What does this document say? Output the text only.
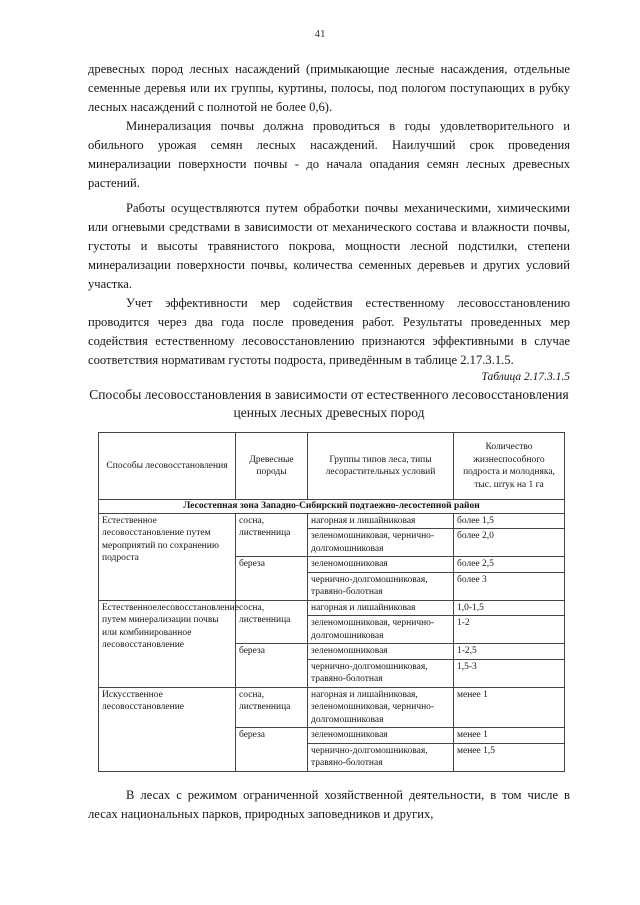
41

древесных пород лесных насаждений (примыкающие лесные насаждения, отдельные семенные деревья или их группы, куртины, полосы, под пологом поступающих в рубку лесных насаждений с полнотой не более 0,6).

Минерализация почвы должна проводиться в годы удовлетворительного и обильного урожая семян лесных насаждений. Наилучший срок проведения минерализации поверхности почвы - до начала опадания семян лесных древесных растений.

Работы осуществляются путем обработки почвы механическими, химическими или огневыми средствами в зависимости от механического состава и влажности почвы, густоты и высоты травянистого покрова, мощности лесной подстилки, степени минерализации поверхности почвы, количества семенных деревьев и других условий участка.

Учет эффективности мер содействия естественному лесовосстановлению проводится через два года после проведения работ. Результаты проведенных мер содействия естественному лесовосстановлению признаются эффективными в случае соответствия нормативам густоты подроста, приведённым в таблице 2.17.3.1.5.

Таблица 2.17.3.1.5
Способы лесовосстановления в зависимости от естественного лесовосстановления ценных лесных древесных пород
Способы лесовосстановления	Древесные породы	Группы типов леса, типы лесорастительных условий	Количество жизнеспособного подроста и молодняка, тыс. штук на 1 га
Лесостепная зона Западно-Сибирский подтаежно-лесостепной район			
Естественное лесовосстановление путем мероприятий по сохранению подроста	сосна, лиственница	нагорная и лишайниковая	более 1,5
		зеленомошниковая, чернично-долгомошниковая	более 2,0
	береза	зеленомошниковая	более 2,5
		чернично-долгомошниковая, травяно-болотная	более 3
Естественноелесовосстановление путем минерализации почвы или комбинированное лесовосстановление	сосна, лиственница	нагорная и лишайниковая	1,0-1,5
		зеленомошниковая, чернично-долгомошниковая	1-2
	береза	зеленомошниковая	1-2,5
		чернично-долгомошниковая, травяно-болотная	1,5-3
Искусственное лесовосстановление	сосна, лиственница	нагорная и лишайниковая, зеленомошниковая, чернично-долгомошниковая	менее 1
	береза	зеленомошниковая	менее 1
		чернично-долгомошниковая, травяно-болотная	менее 1,5

В лесах с режимом ограниченной хозяйственной деятельности, в том числе в лесах национальных парков, природных заповедников и других,
